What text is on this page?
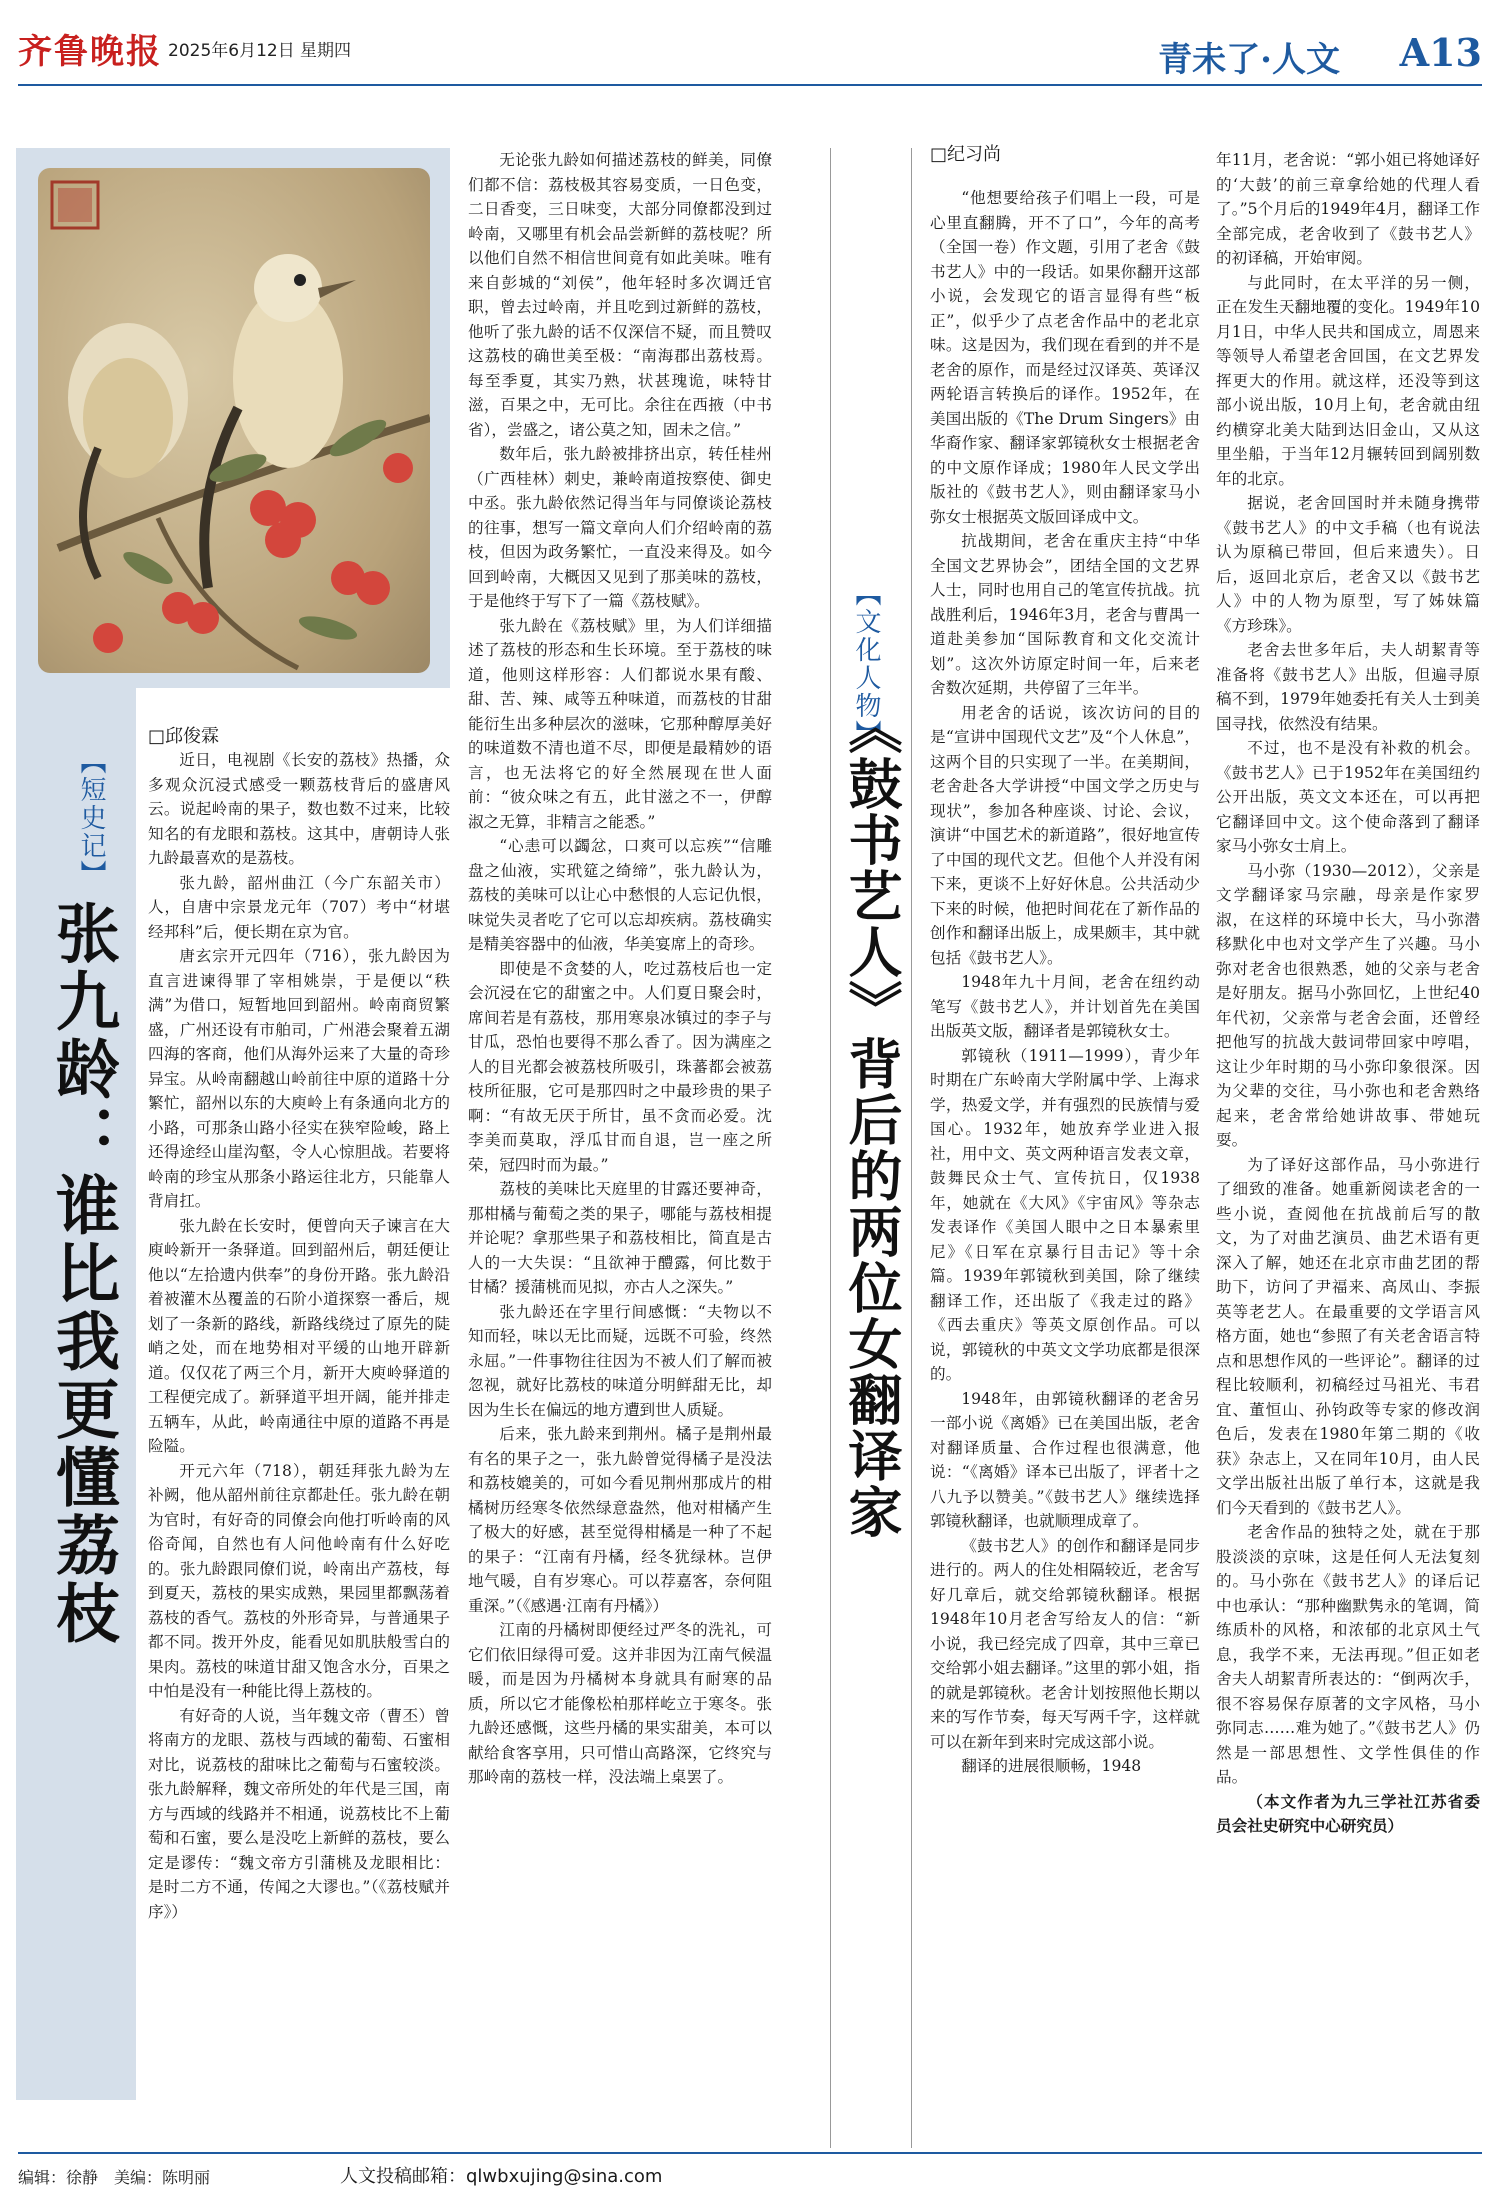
齐鲁晚报 2025年6月12日 星期四	青未了·人文 A13
【短史记】
张九龄：谁比我更懂荔枝
□邱俊霖

近日，电视剧《长安的荔枝》热播，众多观众沉浸式感受一颗荔枝背后的盛唐风云。说起岭南的果子，数也数不过来，比较知名的有龙眼和荔枝。这其中，唐朝诗人张九龄最喜欢的是荔枝。

张九龄，韶州曲江（今广东韶关市）人，自唐中宗景龙元年（707）考中“材堪经邦科”后，便长期在京为官。

唐玄宗开元四年（716），张九龄因为直言进谏得罪了宰相姚崇，于是便以“秩满”为借口，短暂地回到韶州。岭南商贸繁盛，广州还设有市舶司，广州港会聚着五湖四海的客商，他们从海外运来了大量的奇珍异宝。从岭南翻越山岭前往中原的道路十分繁忙，韶州以东的大庾岭上有条通向北方的小路，可那条山路小径实在狭窄险峻，路上还得途经山崖沟壑，令人心惊胆战。若要将岭南的珍宝从那条小路运往北方，只能靠人背肩扛。

张九龄在长安时，便曾向天子谏言在大庾岭新开一条驿道。回到韶州后，朝廷便让他以“左拾遗内供奉”的身份开路。张九龄沿着被灌木丛覆盖的石阶小道探察一番后，规划了一条新的路线，新路线绕过了原先的陡峭之处，而在地势相对平缓的山地开辟新道。仅仅花了两三个月，新开大庾岭驿道的工程便完成了。新驿道平坦开阔，能并排走五辆车，从此，岭南通往中原的道路不再是险隘。

开元六年（718），朝廷拜张九龄为左补阙，他从韶州前往京都赴任。张九龄在朝为官时，有好奇的同僚会向他打听岭南的风俗奇闻，自然也有人问他岭南有什么好吃的。张九龄跟同僚们说，岭南出产荔枝，每到夏天，荔枝的果实成熟，果园里都飘荡着荔枝的香气。荔枝的外形奇异，与普通果子都不同。拨开外皮，能看见如肌肤般雪白的果肉。荔枝的味道甘甜又饱含水分，百果之中怕是没有一种能比得上荔枝的。

有好奇的人说，当年魏文帝（曹丕）曾将南方的龙眼、荔枝与西域的葡萄、石蜜相对比，说荔枝的甜味比之葡萄与石蜜较淡。张九龄解释，魏文帝所处的年代是三国，南方与西域的线路并不相通，说荔枝比不上葡萄和石蜜，要么是没吃上新鲜的荔枝，要么定是谬传：“魏文帝方引蒲桃及龙眼相比：是时二方不通，传闻之大谬也。”（《荔枝赋并序》）

无论张九龄如何描述荔枝的鲜美，同僚们都不信：荔枝极其容易变质，一日色变，二日香变，三日味变，大部分同僚都没到过岭南，又哪里有机会品尝新鲜的荔枝呢？所以他们自然不相信世间竟有如此美味。唯有来自彭城的“刘侯”，他年轻时多次调迁官职，曾去过岭南，并且吃到过新鲜的荔枝，他听了张九龄的话不仅深信不疑，而且赞叹这荔枝的确世美至极：“南海郡出荔枝焉。每至季夏，其实乃熟，状甚瑰诡，味特甘滋，百果之中，无可比。余往在西掖（中书省），尝盛之，诸公莫之知，固未之信。”

数年后，张九龄被排挤出京，转任桂州（广西桂林）刺史，兼岭南道按察使、御史中丞。张九龄依然记得当年与同僚谈论荔枝的往事，想写一篇文章向人们介绍岭南的荔枝，但因为政务繁忙，一直没来得及。如今回到岭南，大概因又见到了那美味的荔枝，于是他终于写下了一篇《荔枝赋》。

张九龄在《荔枝赋》里，为人们详细描述了荔枝的形态和生长环境。至于荔枝的味道，他则这样形容：人们都说水果有酸、甜、苦、辣、咸等五种味道，而荔枝的甘甜能衍生出多种层次的滋味，它那种醇厚美好的味道数不清也道不尽，即便是最精妙的语言，也无法将它的好全然展现在世人面前：“彼众味之有五，此甘滋之不一，伊醇淑之无算，非精言之能悉。”

“心恚可以蠲忿，口爽可以忘疾”“信雕盘之仙液，实玳筵之绮缔”，张九龄认为，荔枝的美味可以让心中愁恨的人忘记仇恨，味觉失灵者吃了它可以忘却疾病。荔枝确实是精美容器中的仙液，华美宴席上的奇珍。

即使是不贪婪的人，吃过荔枝后也一定会沉浸在它的甜蜜之中。人们夏日聚会时，席间若是有荔枝，那用寒泉冰镇过的李子与甘瓜，恐怕也要得不那么香了。因为满座之人的目光都会被荔枝所吸引，珠蕃都会被荔枝所征服，它可是那四时之中最珍贵的果子啊：“有故无厌于所甘，虽不贪而必爱。沈李美而莫取，浮瓜甘而自退，岂一座之所荣，冠四时而为最。”

荔枝的美味比天庭里的甘露还要神奇，那柑橘与葡萄之类的果子，哪能与荔枝相提并论呢？拿那些果子和荔枝相比，简直是古人的一大失误：“且欲神于醴露，何比数于甘橘？援蒲桃而见拟，亦古人之深失。”

张九龄还在字里行间感慨：“夫物以不知而轻，味以无比而疑，远既不可验，终然永屈。”一件事物往往因为不被人们了解而被忽视，就好比荔枝的味道分明鲜甜无比，却因为生长在偏远的地方遭到世人质疑。

后来，张九龄来到荆州。橘子是荆州最有名的果子之一，张九龄曾觉得橘子是没法和荔枝媲美的，可如今看见荆州那成片的柑橘树历经寒冬依然绿意盎然，他对柑橘产生了极大的好感，甚至觉得柑橘是一种了不起的果子：“江南有丹橘，经冬犹绿林。岂伊地气暖，自有岁寒心。可以荐嘉客，奈何阻重深。”（《感遇·江南有丹橘》）

江南的丹橘树即便经过严冬的洗礼，可它们依旧绿得可爱。这并非因为江南气候温暖，而是因为丹橘树本身就具有耐寒的品质，所以它才能像松柏那样屹立于寒冬。张九龄还感慨，这些丹橘的果实甜美，本可以献给食客享用，只可惜山高路深，它终究与那岭南的荔枝一样，没法端上桌罢了。

【文化人物】
《鼓书艺人》背后的两位女翻译家
□纪习尚

“他想要给孩子们唱上一段，可是心里直翻腾，开不了口”，今年的高考（全国一卷）作文题，引用了老舍《鼓书艺人》中的一段话。如果你翻开这部小说，会发现它的语言显得有些“板正”，似乎少了点老舍作品中的老北京味。这是因为，我们现在看到的并不是老舍的原作，而是经过汉译英、英译汉两轮语言转换后的译作。1952年，在美国出版的《The Drum Singers》由华裔作家、翻译家郭镜秋女士根据老舍的中文原作译成；1980年人民文学出版社的《鼓书艺人》，则由翻译家马小弥女士根据英文版回译成中文。

抗战期间，老舍在重庆主持“中华全国文艺界协会”，团结全国的文艺界人士，同时也用自己的笔宣传抗战。抗战胜利后，1946年3月，老舍与曹禺一道赴美参加“国际教育和文化交流计划”。这次外访原定时间一年，后来老舍数次延期，共停留了三年半。

用老舍的话说，该次访问的目的是“宣讲中国现代文艺”及“个人休息”，这两个目的只实现了一半。在美期间，老舍赴各大学讲授“中国文学之历史与现状”，参加各种座谈、讨论、会议，演讲“中国艺术的新道路”，很好地宣传了中国的现代文艺。但他个人并没有闲下来，更谈不上好好休息。公共活动少下来的时候，他把时间花在了新作品的创作和翻译出版上，成果颇丰，其中就包括《鼓书艺人》。

1948年九十月间，老舍在纽约动笔写《鼓书艺人》，并计划首先在美国出版英文版，翻译者是郭镜秋女士。

郭镜秋（1911—1999），青少年时期在广东岭南大学附属中学、上海求学，热爱文学，并有强烈的民族情与爱国心。1932年，她放弃学业进入报社，用中文、英文两种语言发表文章，鼓舞民众士气、宣传抗日，仅1938年，她就在《大风》《宇宙风》等杂志发表译作《美国人眼中之日本暴索里尼》《日军在京暴行目击记》等十余篇。1939年郭镜秋到美国，除了继续翻译工作，还出版了《我走过的路》《西去重庆》等英文原创作品。可以说，郭镜秋的中英文文学功底都是很深的。

1948年，由郭镜秋翻译的老舍另一部小说《离婚》已在美国出版，老舍对翻译质量、合作过程也很满意，他说：“《离婚》译本已出版了，评者十之八九予以赞美。”《鼓书艺人》继续选择郭镜秋翻译，也就顺理成章了。

《鼓书艺人》的创作和翻译是同步进行的。两人的住处相隔较近，老舍写好几章后，就交给郭镜秋翻译。根据1948年10月老舍写给友人的信：“新小说，我已经完成了四章，其中三章已交给郭小姐去翻译。”这里的郭小姐，指的就是郭镜秋。老舍计划按照他长期以来的写作节奏，每天写两千字，这样就可以在新年到来时完成这部小说。

翻译的进展很顺畅，1948

年11月，老舍说：“郭小姐已将她译好的‘大鼓’的前三章拿给她的代理人看了。”5个月后的1949年4月，翻译工作全部完成，老舍收到了《鼓书艺人》的初译稿，开始审阅。

与此同时，在太平洋的另一侧，正在发生天翻地覆的变化。1949年10月1日，中华人民共和国成立，周恩来等领导人希望老舍回国，在文艺界发挥更大的作用。就这样，还没等到这部小说出版，10月上旬，老舍就由纽约横穿北美大陆到达旧金山，又从这里坐船，于当年12月辗转回到阔别数年的北京。

据说，老舍回国时并未随身携带《鼓书艺人》的中文手稿（也有说法认为原稿已带回，但后来遗失）。日后，返回北京后，老舍又以《鼓书艺人》中的人物为原型，写了姊妹篇《方珍珠》。

老舍去世多年后，夫人胡絜青等准备将《鼓书艺人》出版，但遍寻原稿不到，1979年她委托有关人士到美国寻找，依然没有结果。

不过，也不是没有补救的机会。《鼓书艺人》已于1952年在美国纽约公开出版，英文文本还在，可以再把它翻译回中文。这个使命落到了翻译家马小弥女士肩上。

马小弥（1930—2012），父亲是文学翻译家马宗融，母亲是作家罗淑，在这样的环境中长大，马小弥潜移默化中也对文学产生了兴趣。马小弥对老舍也很熟悉，她的父亲与老舍是好朋友。据马小弥回忆，上世纪40年代初，父亲常与老舍会面，还曾经把他写的抗战大鼓词带回家中哼唱，这让少年时期的马小弥印象很深。因为父辈的交往，马小弥也和老舍熟络起来，老舍常给她讲故事、带她玩耍。

为了译好这部作品，马小弥进行了细致的准备。她重新阅读老舍的一些小说，查阅他在抗战前后写的散文，为了对曲艺演员、曲艺术语有更深入了解，她还在北京市曲艺团的帮助下，访问了尹福来、高凤山、李振英等老艺人。在最重要的文学语言风格方面，她也“参照了有关老舍语言特点和思想作风的一些评论”。翻译的过程比较顺利，初稿经过马祖光、韦君宜、董恒山、孙钧政等专家的修改润色后，发表在1980年第二期的《收获》杂志上，又在同年10月，由人民文学出版社出版了单行本，这就是我们今天看到的《鼓书艺人》。

老舍作品的独特之处，就在于那股淡淡的京味，这是任何人无法复刻的。马小弥在《鼓书艺人》的译后记中也承认：“那种幽默隽永的笔调，简练质朴的风格，和浓郁的北京风土气息，我学不来，无法再现。”但正如老舍夫人胡絜青所表达的：“倒两次手，很不容易保存原著的文字风格，马小弥同志……难为她了。”《鼓书艺人》仍然是一部思想性、文学性俱佳的作品。

（本文作者为九三学社江苏省委员会社史研究中心研究员）

编辑：徐静　美编：陈明丽	人文投稿邮箱：qlwbxujing@sina.com
